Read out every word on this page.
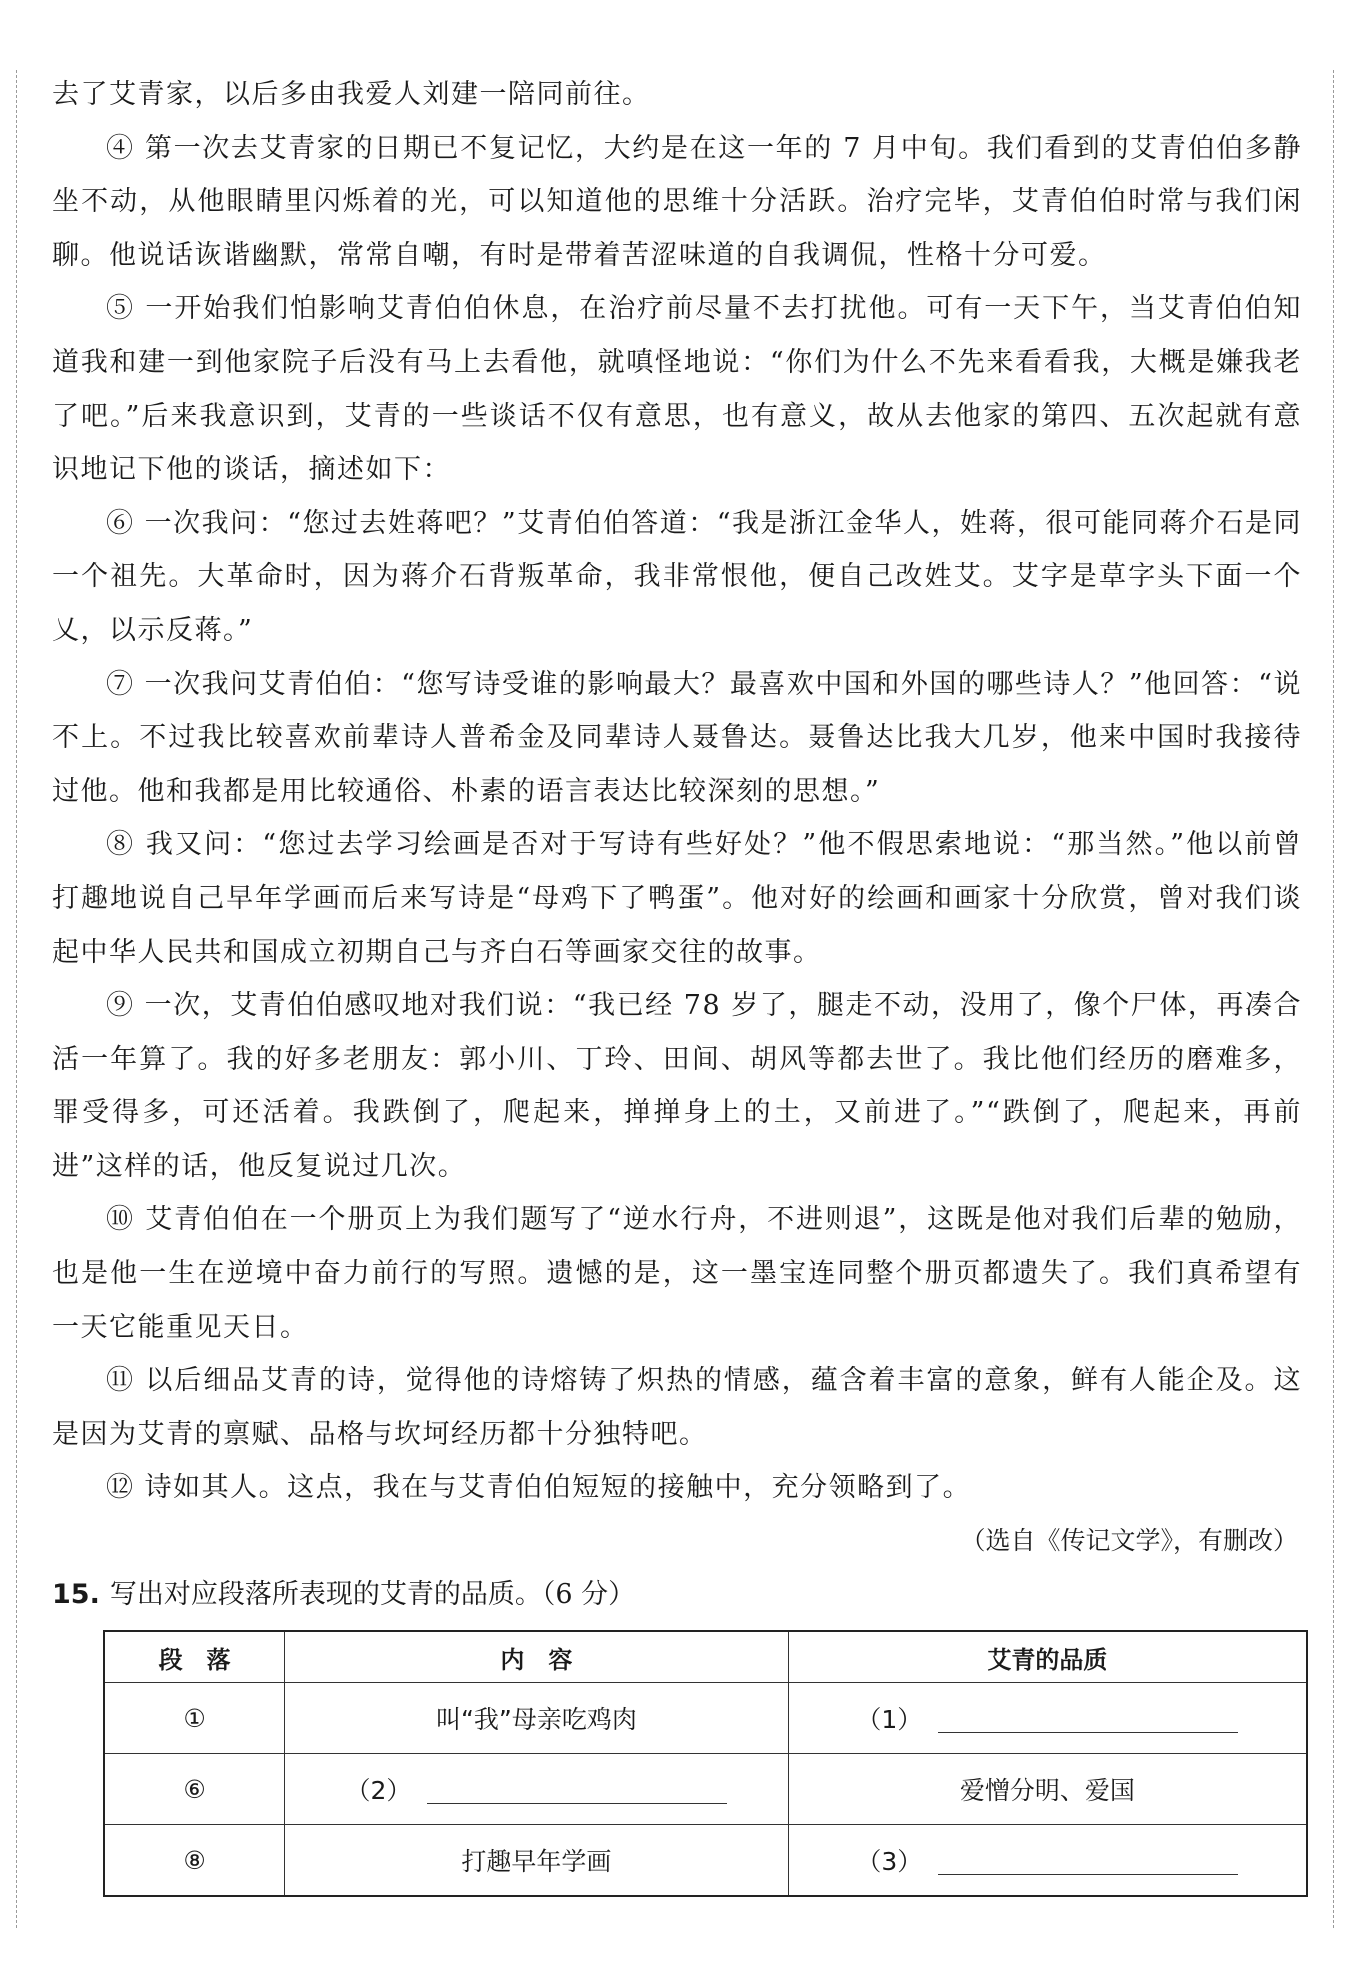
去了艾青家，以后多由我爱人刘建一陪同前往。

④ 第一次去艾青家的日期已不复记忆，大约是在这一年的 7 月中旬。我们看到的艾青伯伯多静坐不动，从他眼睛里闪烁着的光，可以知道他的思维十分活跃。治疗完毕，艾青伯伯时常与我们闲聊。他说话诙谐幽默，常常自嘲，有时是带着苦涩味道的自我调侃，性格十分可爱。

⑤ 一开始我们怕影响艾青伯伯休息，在治疗前尽量不去打扰他。可有一天下午，当艾青伯伯知道我和建一到他家院子后没有马上去看他，就嗔怪地说：“你们为什么不先来看看我，大概是嫌我老了吧。”后来我意识到，艾青的一些谈话不仅有意思，也有意义，故从去他家的第四、五次起就有意识地记下他的谈话，摘述如下：

⑥ 一次我问：“您过去姓蒋吧？”艾青伯伯答道：“我是浙江金华人，姓蒋，很可能同蒋介石是同一个祖先。大革命时，因为蒋介石背叛革命，我非常恨他，便自己改姓艾。艾字是草字头下面一个乂，以示反蒋。”

⑦ 一次我问艾青伯伯：“您写诗受谁的影响最大？最喜欢中国和外国的哪些诗人？”他回答：“说不上。不过我比较喜欢前辈诗人普希金及同辈诗人聂鲁达。聂鲁达比我大几岁，他来中国时我接待过他。他和我都是用比较通俗、朴素的语言表达比较深刻的思想。”

⑧ 我又问：“您过去学习绘画是否对于写诗有些好处？”他不假思索地说：“那当然。”他以前曾打趣地说自己早年学画而后来写诗是“母鸡下了鸭蛋”。他对好的绘画和画家十分欣赏，曾对我们谈起中华人民共和国成立初期自己与齐白石等画家交往的故事。

⑨ 一次，艾青伯伯感叹地对我们说：“我已经 78 岁了，腿走不动，没用了，像个尸体，再凑合活一年算了。我的好多老朋友：郭小川、丁玲、田间、胡风等都去世了。我比他们经历的磨难多，罪受得多，可还活着。我跌倒了，爬起来，掸掸身上的土，又前进了。”“跌倒了，爬起来，再前进”这样的话，他反复说过几次。

⑩ 艾青伯伯在一个册页上为我们题写了“逆水行舟，不进则退”，这既是他对我们后辈的勉励，也是他一生在逆境中奋力前行的写照。遗憾的是，这一墨宝连同整个册页都遗失了。我们真希望有一天它能重见天日。

⑪ 以后细品艾青的诗，觉得他的诗熔铸了炽热的情感，蕴含着丰富的意象，鲜有人能企及。这是因为艾青的禀赋、品格与坎坷经历都十分独特吧。

⑫ 诗如其人。这点，我在与艾青伯伯短短的接触中，充分领略到了。

（选自《传记文学》，有删改）

15. 写出对应段落所表现的艾青的品质。（6 分）

段　落	内　容	艾青的品质
①	叫“我”母亲吃鸡肉	（1）
⑥	（2）	爱憎分明、爱国
⑧	打趣早年学画	（3）
